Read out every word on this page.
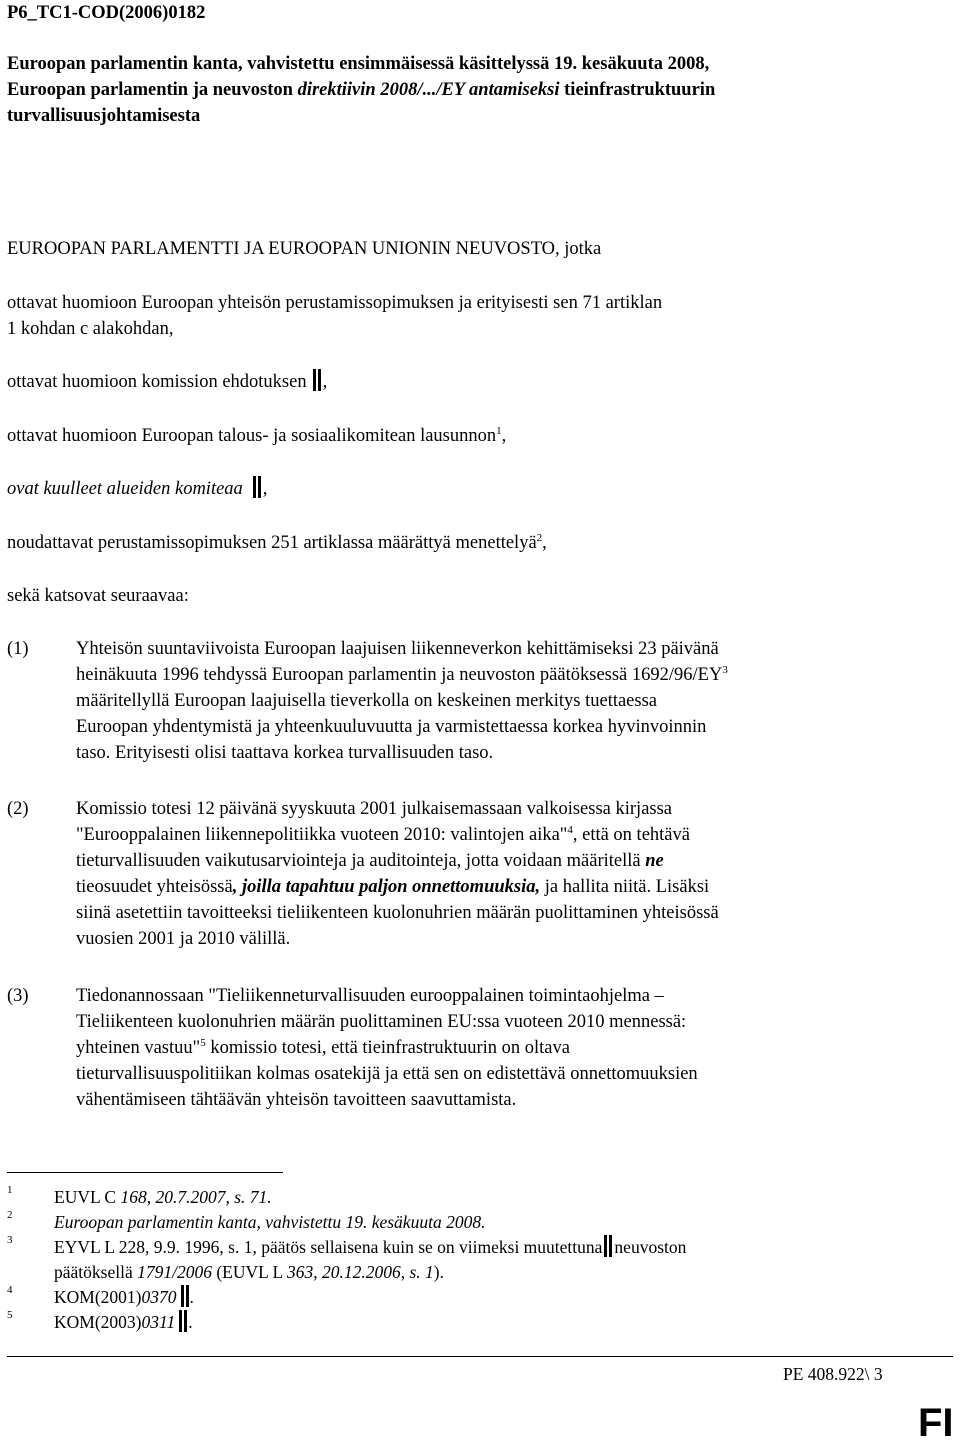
P6_TC1-COD(2006)0182
Euroopan parlamentin kanta, vahvistettu ensimmäisessä käsittelyssä 19. kesäkuuta 2008,
Euroopan parlamentin ja neuvoston direktiivin 2008/.../EY antamiseksi tieinfrastruktuurin
turvallisuusjohtamisesta
EUROOPAN PARLAMENTTI JA EUROOPAN UNIONIN NEUVOSTO, jotka
ottavat huomioon Euroopan yhteisön perustamissopimuksen ja erityisesti sen 71 artiklan
1 kohdan c alakohdan,
ottavat huomioon komission ehdotuksen ,
ottavat huomioon Euroopan talous- ja sosiaalikomitean lausunnon$^1$,
ovat kuulleet alueiden komiteaa ,
noudattavat perustamissopimuksen 251 artiklassa määrättyä menettelyä$^2$,
sekä katsovat seuraavaa:
(1)	Yhteisön suuntaviivoista Euroopan laajuisen liikenneverkon kehittämiseksi 23 päivänä
heinäkuuta 1996 tehdyssä Euroopan parlamentin ja neuvoston päätöksessä $1692/96/EY^3$
määritellyllä Euroopan laajuisella tieverkolla on keskeinen merkitys tuettaessa
Euroopan yhdentymistä ja yhteenkuuluvuutta ja varmistettaessa korkea hyvinvoinnin
taso. Erityisesti olisi taattava korkea turvallisuuden taso.
(2)	Komissio totesi 12 päivänä syyskuuta 2001 julkaisemassaan valkoisessa kirjassa
"Eurooppalainen liikennepolitiikka vuoteen 2010: valintojen aika"$^4$, että on tehtävä
tieturvallisuuden vaikutusarviointeja ja auditointeja, jotta voidaan määritellä ne
tieosuudet yhteisössä, joilla tapahtuu paljon onnettomuuksia, ja hallita niitä. Lisäksi
siinä asetettiin tavoitteeksi tieliikenteen kuolonuhrien määrän puolittaminen yhteisössä
vuosien 2001 ja 2010 välillä.
(3)	Tiedonannossaan "Tieliikenneturvallisuuden eurooppalainen toimintaohjelma –
Tieliikenteen kuolonuhrien määrän puolittaminen EU:ssa vuoteen 2010 mennessä:
yhteinen vastuu"$^5$ komissio totesi, että tieinfrastruktuurin on oltava
tieturvallisuuspolitiikan kolmas osatekijä ja että sen on edistettävä onnettomuuksien
vähentämiseen tähtäävän yhteisön tavoitteen saavuttamista.
1 EUVL C 168, 20.7.2007, s. 71.
2 Euroopan parlamentin kanta, vahvistettu 19. kesäkuuta 2008.
3 EYVL L 228, 9.9. 1996, s. 1, päätös sellaisena kuin se on viimeksi muutettuna neuvoston
päätöksellä 1791/2006 (EUVL L 363, 20.12.2006, s. 1).
4 KOM(2001)0370 .
5 KOM(2003)0311 .
PE 408.922\ 3
FI
